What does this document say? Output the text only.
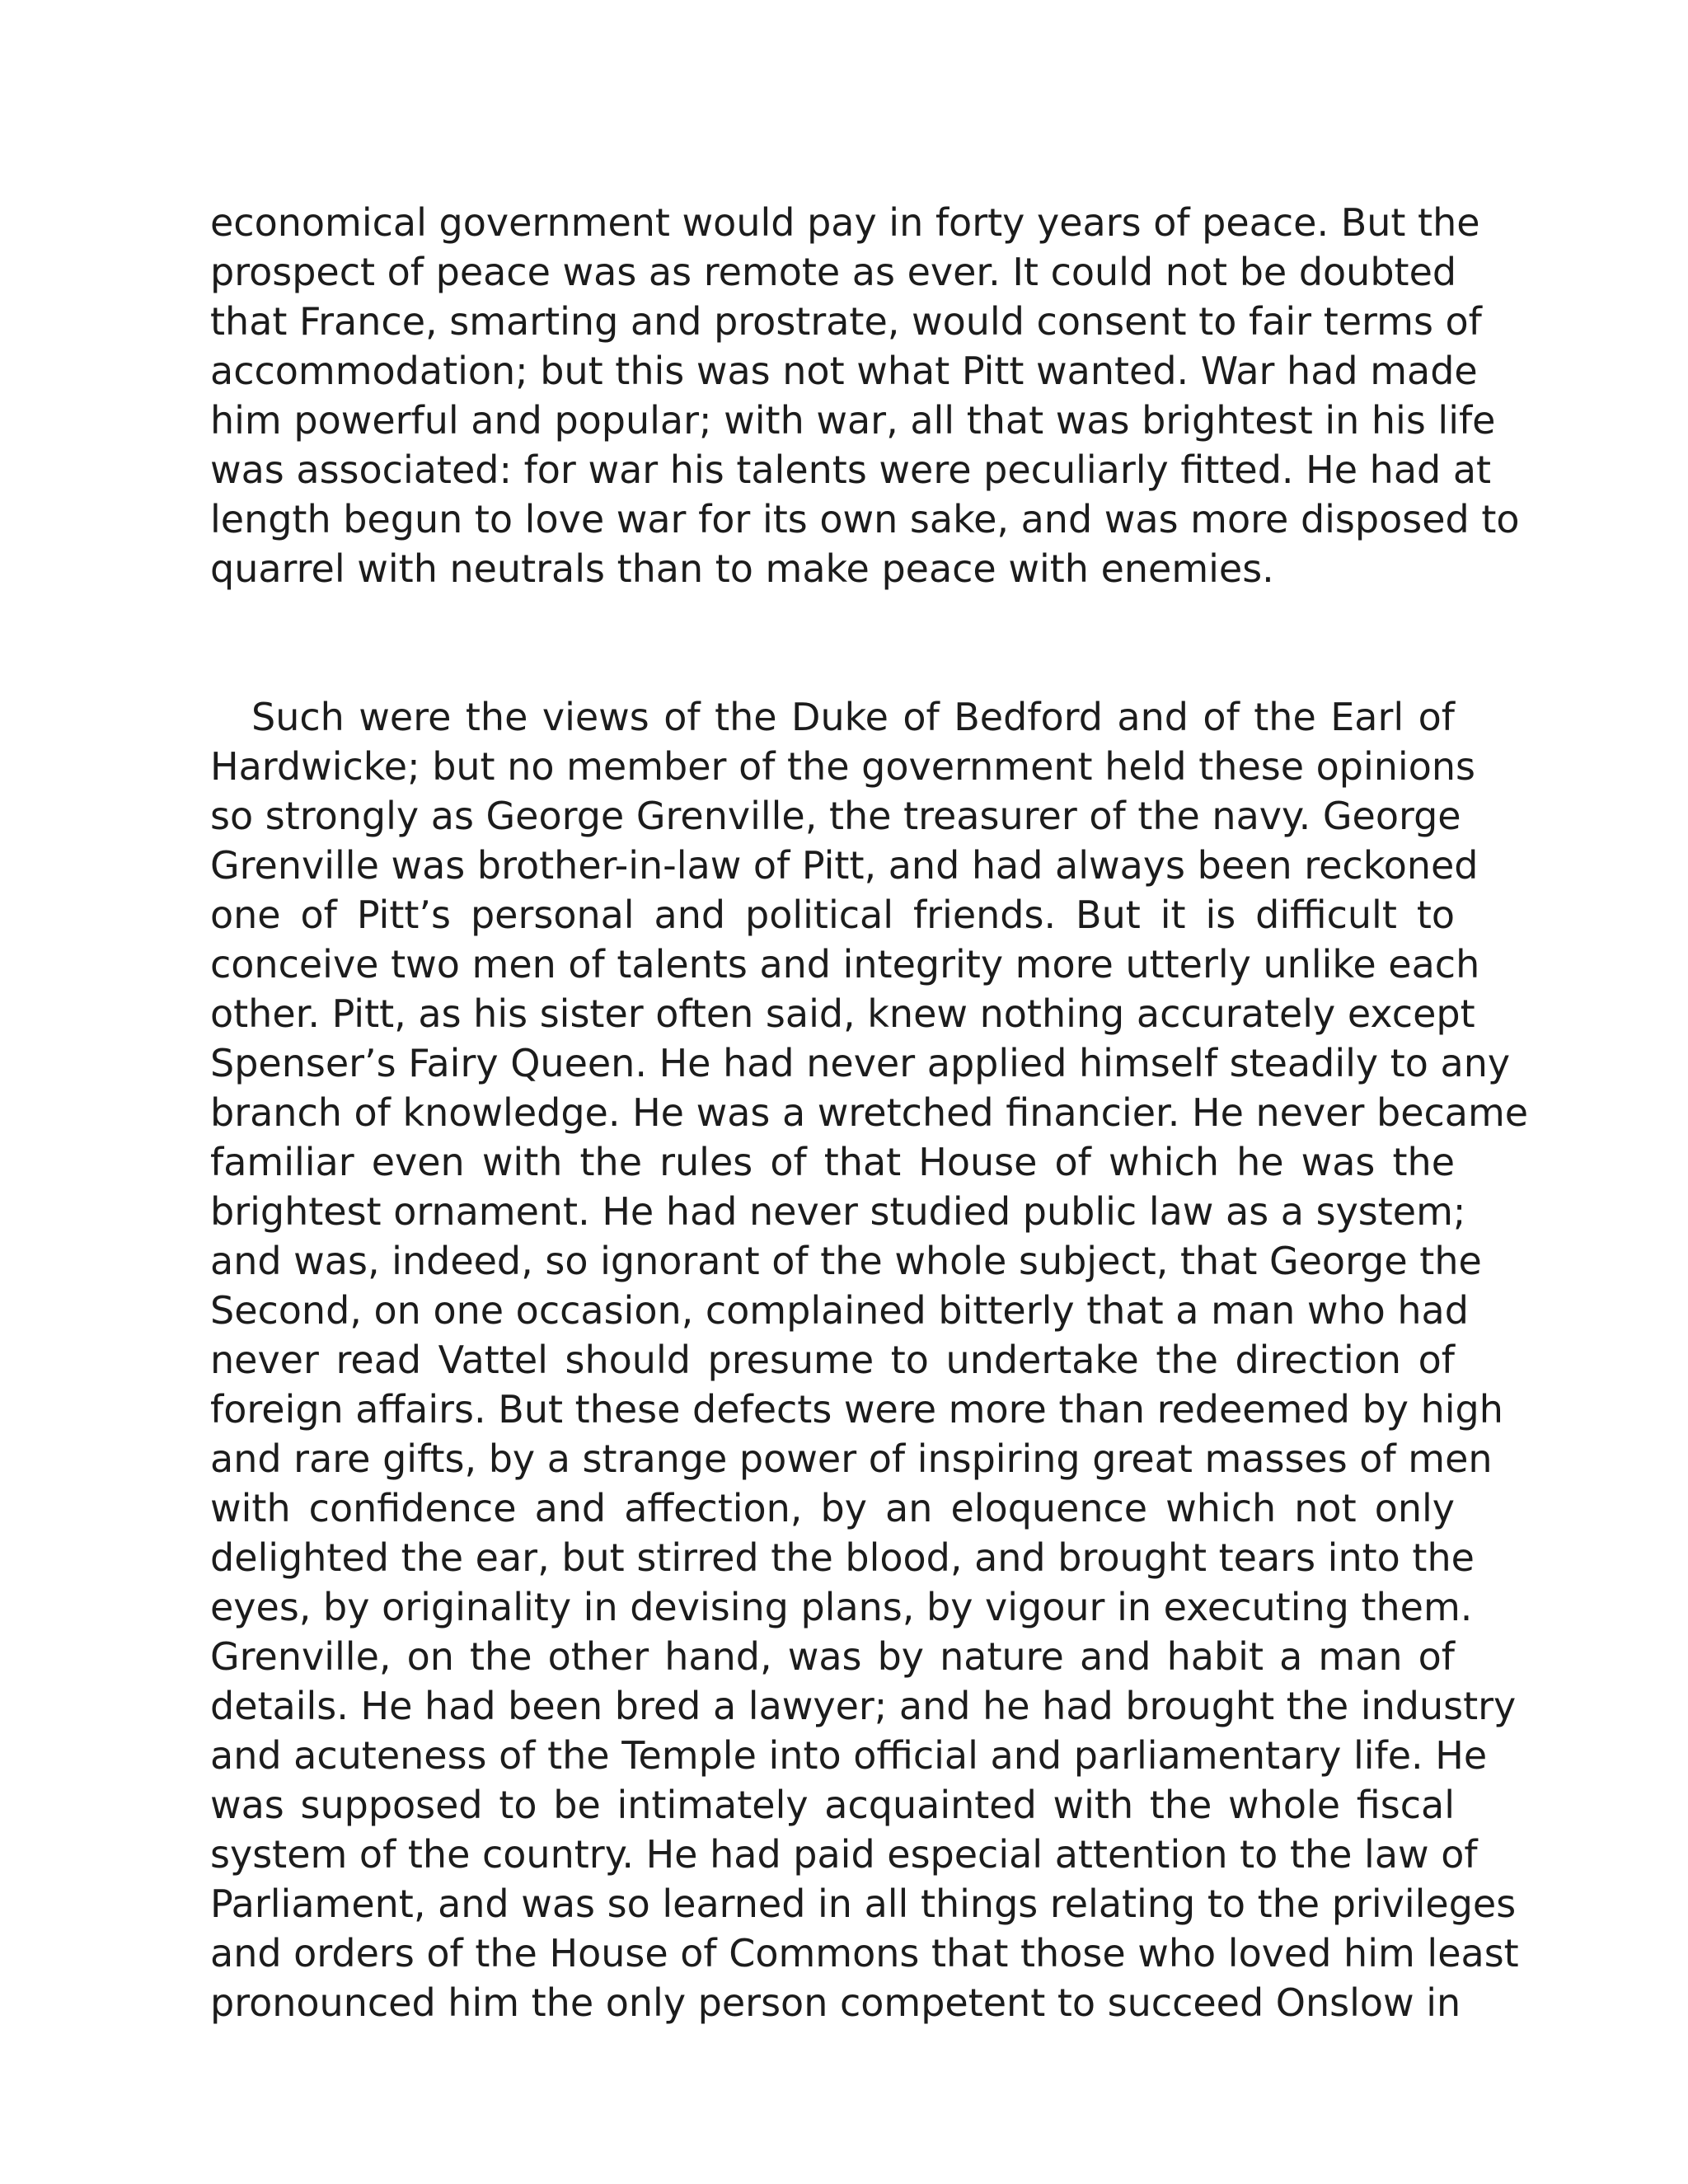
economical government would pay in forty years of peace. But the
prospect of peace was as remote as ever. It could not be doubted
that France, smarting and prostrate, would consent to fair terms of
accommodation; but this was not what Pitt wanted. War had made
him powerful and popular; with war, all that was brightest in his life
was associated: for war his talents were peculiarly fitted. He had at
length begun to love war for its own sake, and was more disposed to
quarrel with neutrals than to make peace with enemies.
Such were the views of the Duke of Bedford and of the Earl of
Hardwicke; but no member of the government held these opinions
so strongly as George Grenville, the treasurer of the navy. George
Grenville was brother-in-law of Pitt, and had always been reckoned
one of Pitt’s personal and political friends. But it is difficult to
conceive two men of talents and integrity more utterly unlike each
other. Pitt, as his sister often said, knew nothing accurately except
Spenser’s Fairy Queen. He had never applied himself steadily to any
branch of knowledge. He was a wretched financier. He never became
familiar even with the rules of that House of which he was the
brightest ornament. He had never studied public law as a system;
and was, indeed, so ignorant of the whole subject, that George the
Second, on one occasion, complained bitterly that a man who had
never read Vattel should presume to undertake the direction of
foreign affairs. But these defects were more than redeemed by high
and rare gifts, by a strange power of inspiring great masses of men
with confidence and affection, by an eloquence which not only
delighted the ear, but stirred the blood, and brought tears into the
eyes, by originality in devising plans, by vigour in executing them.
Grenville, on the other hand, was by nature and habit a man of
details. He had been bred a lawyer; and he had brought the industry
and acuteness of the Temple into official and parliamentary life. He
was supposed to be intimately acquainted with the whole fiscal
system of the country. He had paid especial attention to the law of
Parliament, and was so learned in all things relating to the privileges
and orders of the House of Commons that those who loved him least
pronounced him the only person competent to succeed Onslow in
